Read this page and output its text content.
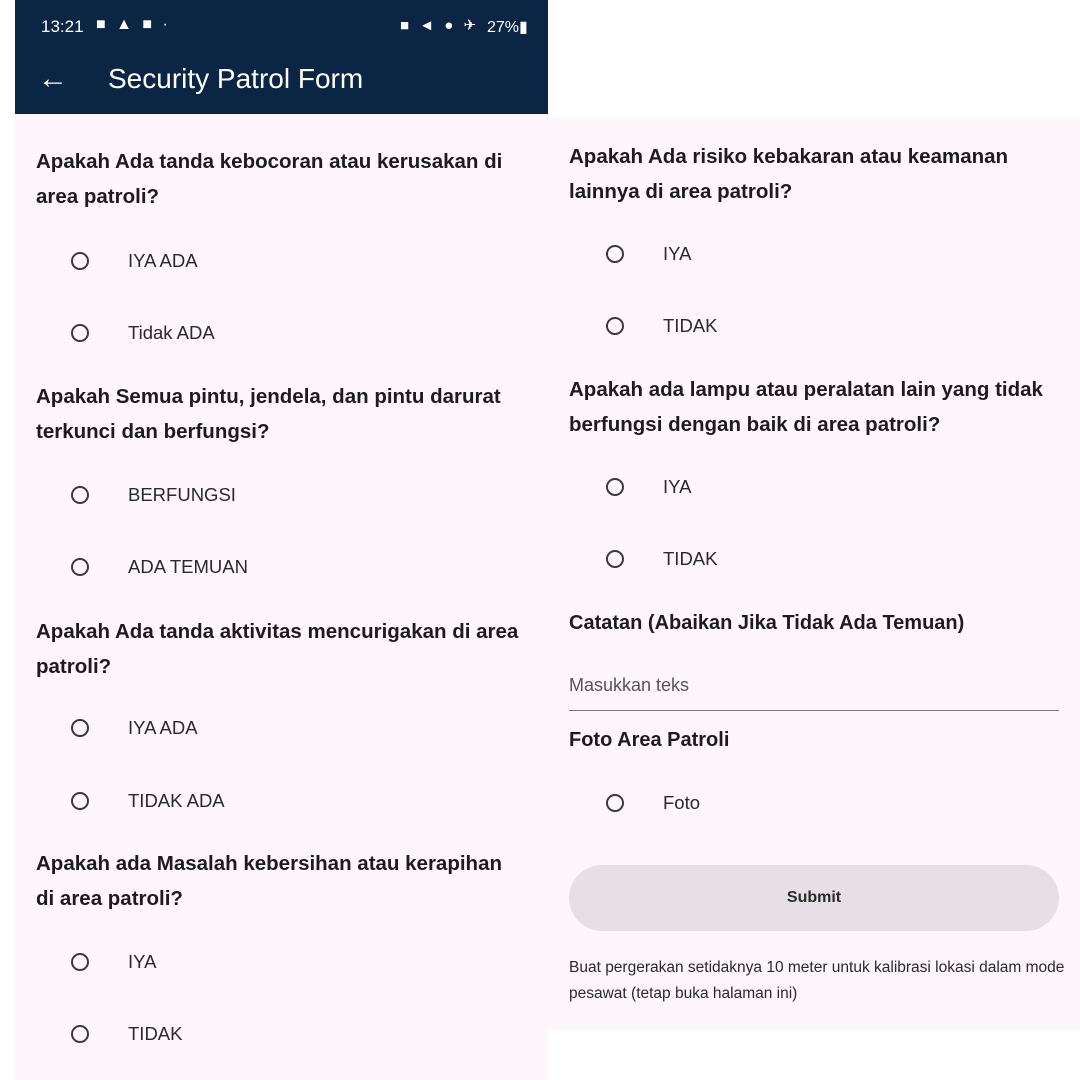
13:21 ■ ▲ ■ ·	■ ◄ ● ✈ 27%▮
← Security Patrol Form
Apakah Ada tanda kebocoran atau kerusakan di area patroli?
IYA ADA
Tidak ADA
Apakah Semua pintu, jendela, dan pintu darurat terkunci dan berfungsi?
BERFUNGSI
ADA TEMUAN
Apakah Ada tanda aktivitas mencurigakan di area patroli?
IYA ADA
TIDAK ADA
Apakah ada Masalah kebersihan atau kerapihan di area patroli?
IYA
TIDAK
Apakah Ada risiko kebakaran atau keamanan lainnya di area patroli?
IYA
TIDAK
Apakah ada lampu atau peralatan lain yang tidak berfungsi dengan baik di area patroli?
IYA
TIDAK
Catatan (Abaikan Jika Tidak Ada Temuan)
Masukkan teks
Foto Area Patroli
Foto
Submit
Buat pergerakan setidaknya 10 meter untuk kalibrasi lokasi dalam mode pesawat (tetap buka halaman ini)
